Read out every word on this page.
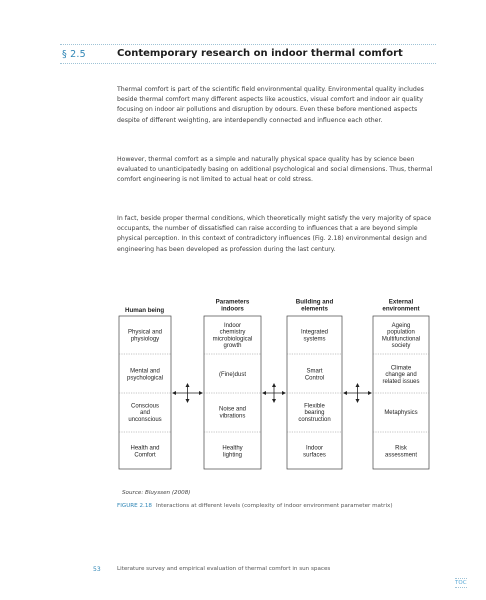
§ 2.5	Contemporary research on indoor thermal comfort

Thermal comfort is part of the scientific field environmental quality. Environmental quality includes beside thermal comfort many different aspects like acoustics, visual comfort and indoor air quality focusing on indoor air pollutions and disruption by odours. Even these before mentioned aspects despite of different weighting, are interdependly connected and influence each other.

However, thermal comfort as a simple and naturally physical space quality has by science been evaluated to unanticipatedly basing on additional psychological and social dimensions. Thus, thermal comfort engineering is not limited to actual heat or cold stress.

In fact, beside proper thermal conditions, which theoretically might satisfy the very majority of space occupants, the number of dissatisfied can raise according to influences that a are beyond simple physical perception. In this context of contradictory influences (Fig. 2.18) environmental design and engineering has been developed as profession during the last century.

Human being
Parameters indoors
Building and elements
External environment
Physical and physiology
Mental and psychological
Conscious and unconscious
Health and Comfort
Indoor chemistry microbiological growth
(Fine)dust
Noise and vibrations
Healthy lighting
Integrated systems
Smart Control
Flexible bearing construction
Indoor surfaces
Ageing population Multifunctional society
Climate change and related issues
Metaphysics
Risk assessment
Source: Bluyssen (2008)
FIGURE 2.18 Interactions at different levels (complexity of indoor environment parameter matrix)
53	Literature survey and empirical evaluation of thermal comfort in sun spaces
TOC
